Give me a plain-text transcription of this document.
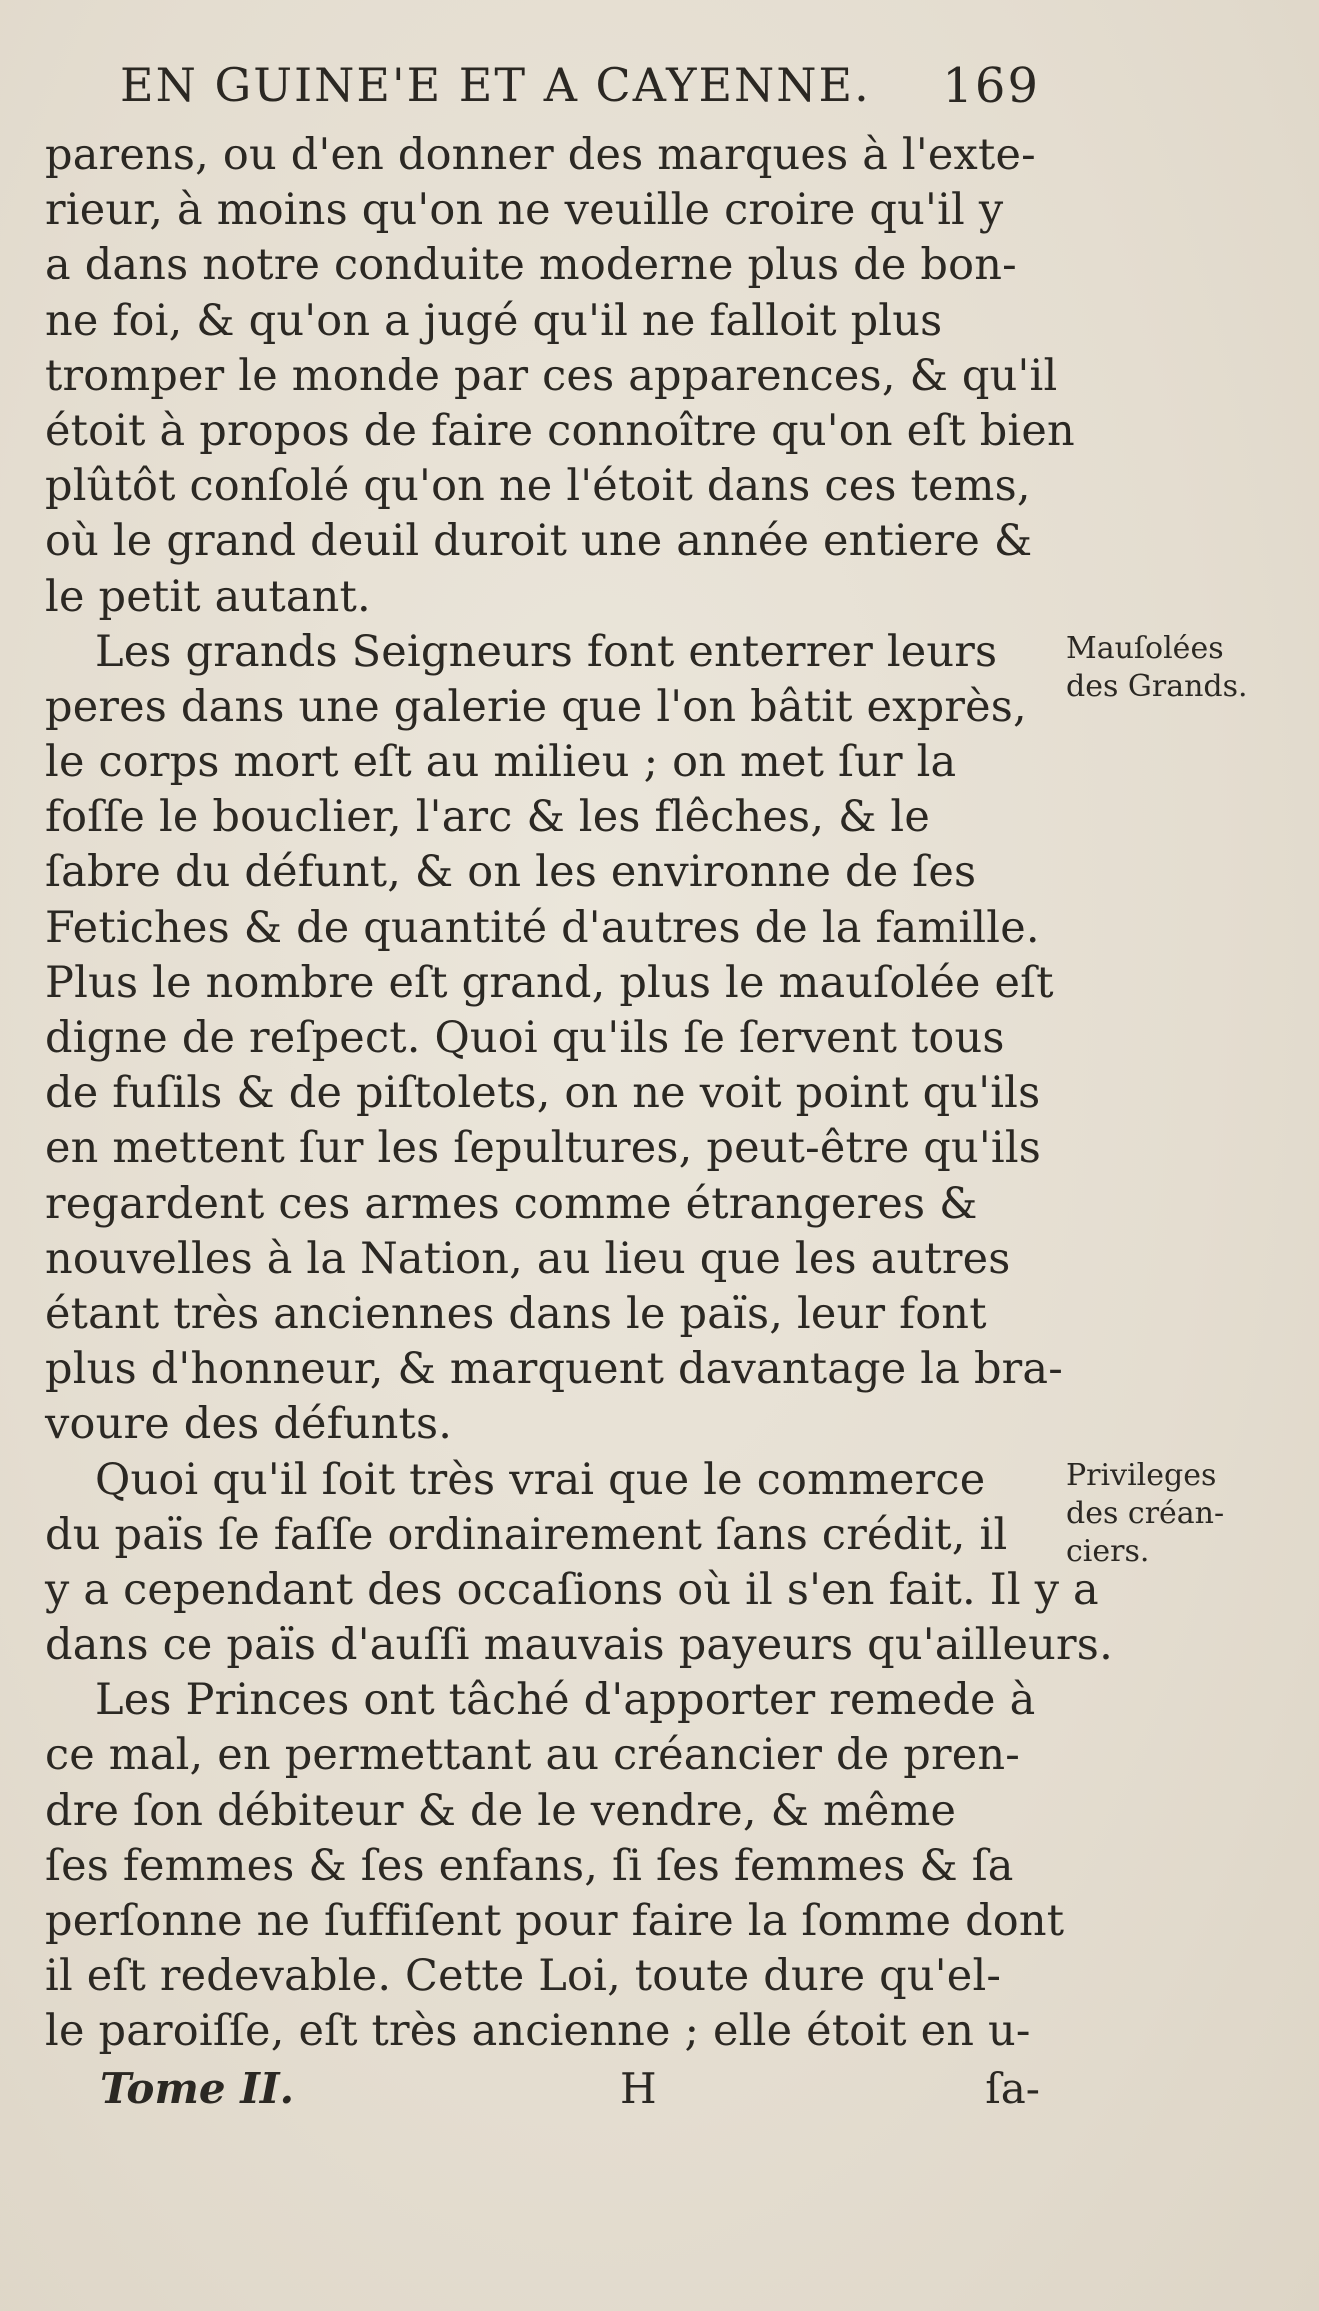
EN GUINE'E ET A CAYENNE. 169
parens, ou d'en donner des marques à l'exte-
rieur, à moins qu'on ne veuille croire qu'il y
a dans notre conduite moderne plus de bon-
ne foi, & qu'on a jugé qu'il ne falloit plus
tromper le monde par ces apparences, & qu'il
étoit à propos de faire connoître qu'on eſt bien
plûtôt conſolé qu'on ne l'étoit dans ces tems,
où le grand deuil duroit une année entiere &
le petit autant.
Les grands Seigneurs font enterrer leurs
peres dans une galerie que l'on bâtit exprès,
le corps mort eſt au milieu ; on met ſur la
foſſe le bouclier, l'arc & les flêches, & le
ſabre du défunt, & on les environne de ſes
Fetiches & de quantité d'autres de la famille.
Plus le nombre eſt grand, plus le mauſolée eſt
digne de reſpect. Quoi qu'ils ſe ſervent tous
de fuſils & de piſtolets, on ne voit point qu'ils
en mettent ſur les ſepultures, peut-être qu'ils
regardent ces armes comme étrangeres &
nouvelles à la Nation, au lieu que les autres
étant très anciennes dans le païs, leur font
plus d'honneur, & marquent davantage la bra-
voure des défunts.
Quoi qu'il ſoit très vrai que le commerce
du païs ſe faſſe ordinairement ſans crédit, il
y a cependant des occaſions où il s'en fait. Il y a
dans ce païs d'auſſi mauvais payeurs qu'ailleurs.
Les Princes ont tâché d'apporter remede à
ce mal, en permettant au créancier de pren-
dre ſon débiteur & de le vendre, & même
ſes femmes & ſes enfans, ſi ſes femmes & ſa
perſonne ne ſuffiſent pour faire la ſomme dont
il eſt redevable. Cette Loi, toute dure qu'el-
le paroiſſe, eſt très ancienne ; elle étoit en u-
Mauſolées
des Grands.
Privileges
des créan-
ciers.
Tome II.	H	ſa-
